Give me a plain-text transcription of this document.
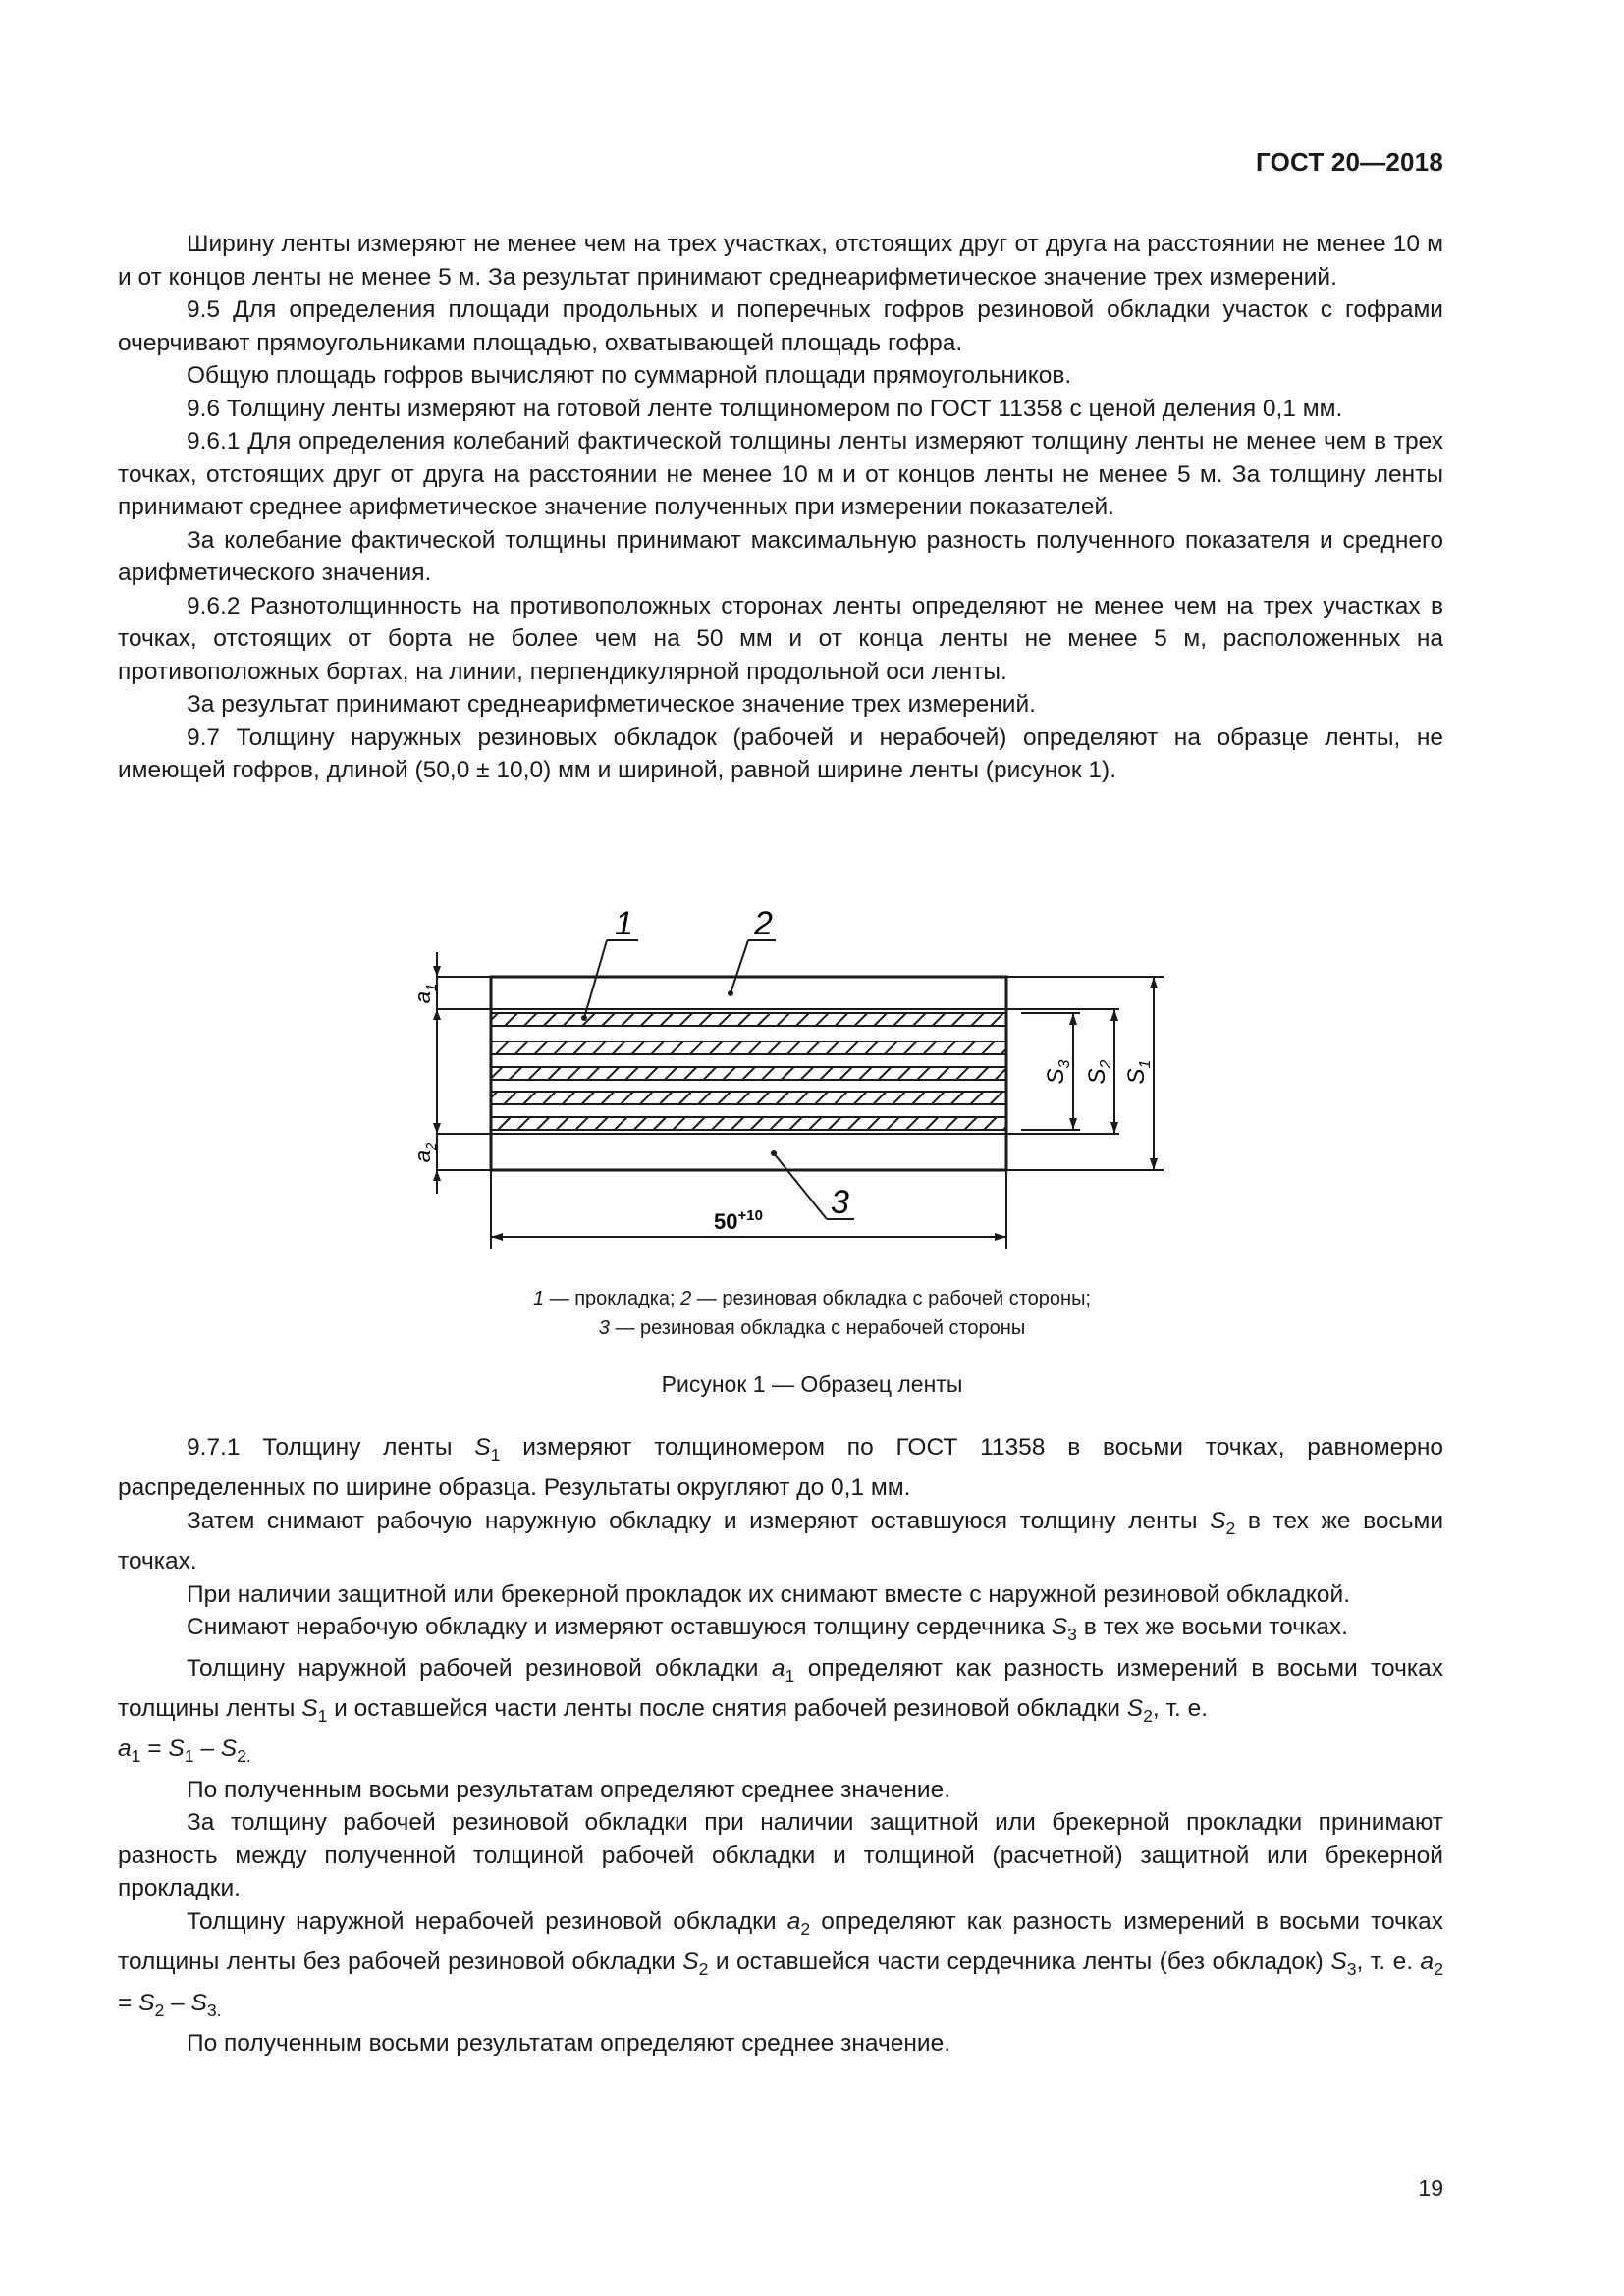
ГОСТ 20—2018

Ширину ленты измеряют не менее чем на трех участках, отстоящих друг от друга на расстоянии не менее 10 м и от концов ленты не менее 5 м. За результат принимают среднеарифметическое значение трех измерений.

9.5 Для определения площади продольных и поперечных гофров резиновой обкладки участок с гофрами очерчивают прямоугольниками площадью, охватывающей площадь гофра.

Общую площадь гофров вычисляют по суммарной площади прямоугольников.

9.6 Толщину ленты измеряют на готовой ленте толщиномером по ГОСТ 11358 с ценой деления 0,1 мм.

9.6.1 Для определения колебаний фактической толщины ленты измеряют толщину ленты не менее чем в трех точках, отстоящих друг от друга на расстоянии не менее 10 м и от концов ленты не менее 5 м. За толщину ленты принимают среднее арифметическое значение полученных при измерении показателей.

За колебание фактической толщины принимают максимальную разность полученного показателя и среднего арифметического значения.

9.6.2 Разнотолщинность на противоположных сторонах ленты определяют не менее чем на трех участках в точках, отстоящих от борта не более чем на 50 мм и от конца ленты не менее 5 м, расположенных на противоположных бортах, на линии, перпендикулярной продольной оси ленты.

За результат принимают среднеарифметическое значение трех измерений.

9.7 Толщину наружных резиновых обкладок (рабочей и нерабочей) определяют на образце ленты, не имеющей гофров, длиной (50,0 ± 10,0) мм и шириной, равной ширине ленты (рисунок 1).

1	2
3
$a_1$
$a_2$
$S_3$
$S_2$
$S_1$
$50^{+10}$
1 — прокладка; 2 — резиновая обкладка с рабочей стороны;
3 — резиновая обкладка с нерабочей стороны
Рисунок 1 — Образец ленты

9.7.1 Толщину ленты $S_1$ измеряют толщиномером по ГОСТ 11358 в восьми точках, равномерно распределенных по ширине образца. Результаты округляют до 0,1 мм.

Затем снимают рабочую наружную обкладку и измеряют оставшуюся толщину ленты $S_2$ в тех же восьми точках.

При наличии защитной или брекерной прокладок их снимают вместе с наружной резиновой обкладкой.

Снимают нерабочую обкладку и измеряют оставшуюся толщину сердечника $S_3$ в тех же восьми точках.

Толщину наружной рабочей резиновой обкладки $a_1$ определяют как разность измерений в восьми точках толщины ленты $S_1$ и оставшейся части ленты после снятия рабочей резиновой обкладки $S_2$, т. е.
$a_1 = S_1 - S_{2.}$

По полученным восьми результатам определяют среднее значение.

За толщину рабочей резиновой обкладки при наличии защитной или брекерной прокладки принимают разность между полученной толщиной рабочей обкладки и толщиной (расчетной) защитной или брекерной прокладки.

Толщину наружной нерабочей резиновой обкладки $a_2$ определяют как разность измерений в восьми точках толщины ленты без рабочей резиновой обкладки $S_2$ и оставшейся части сердечника ленты (без обкладок) $S_3$, т. е. $a_2 = S_2 - S_{3.}$

По полученным восьми результатам определяют среднее значение.

19
